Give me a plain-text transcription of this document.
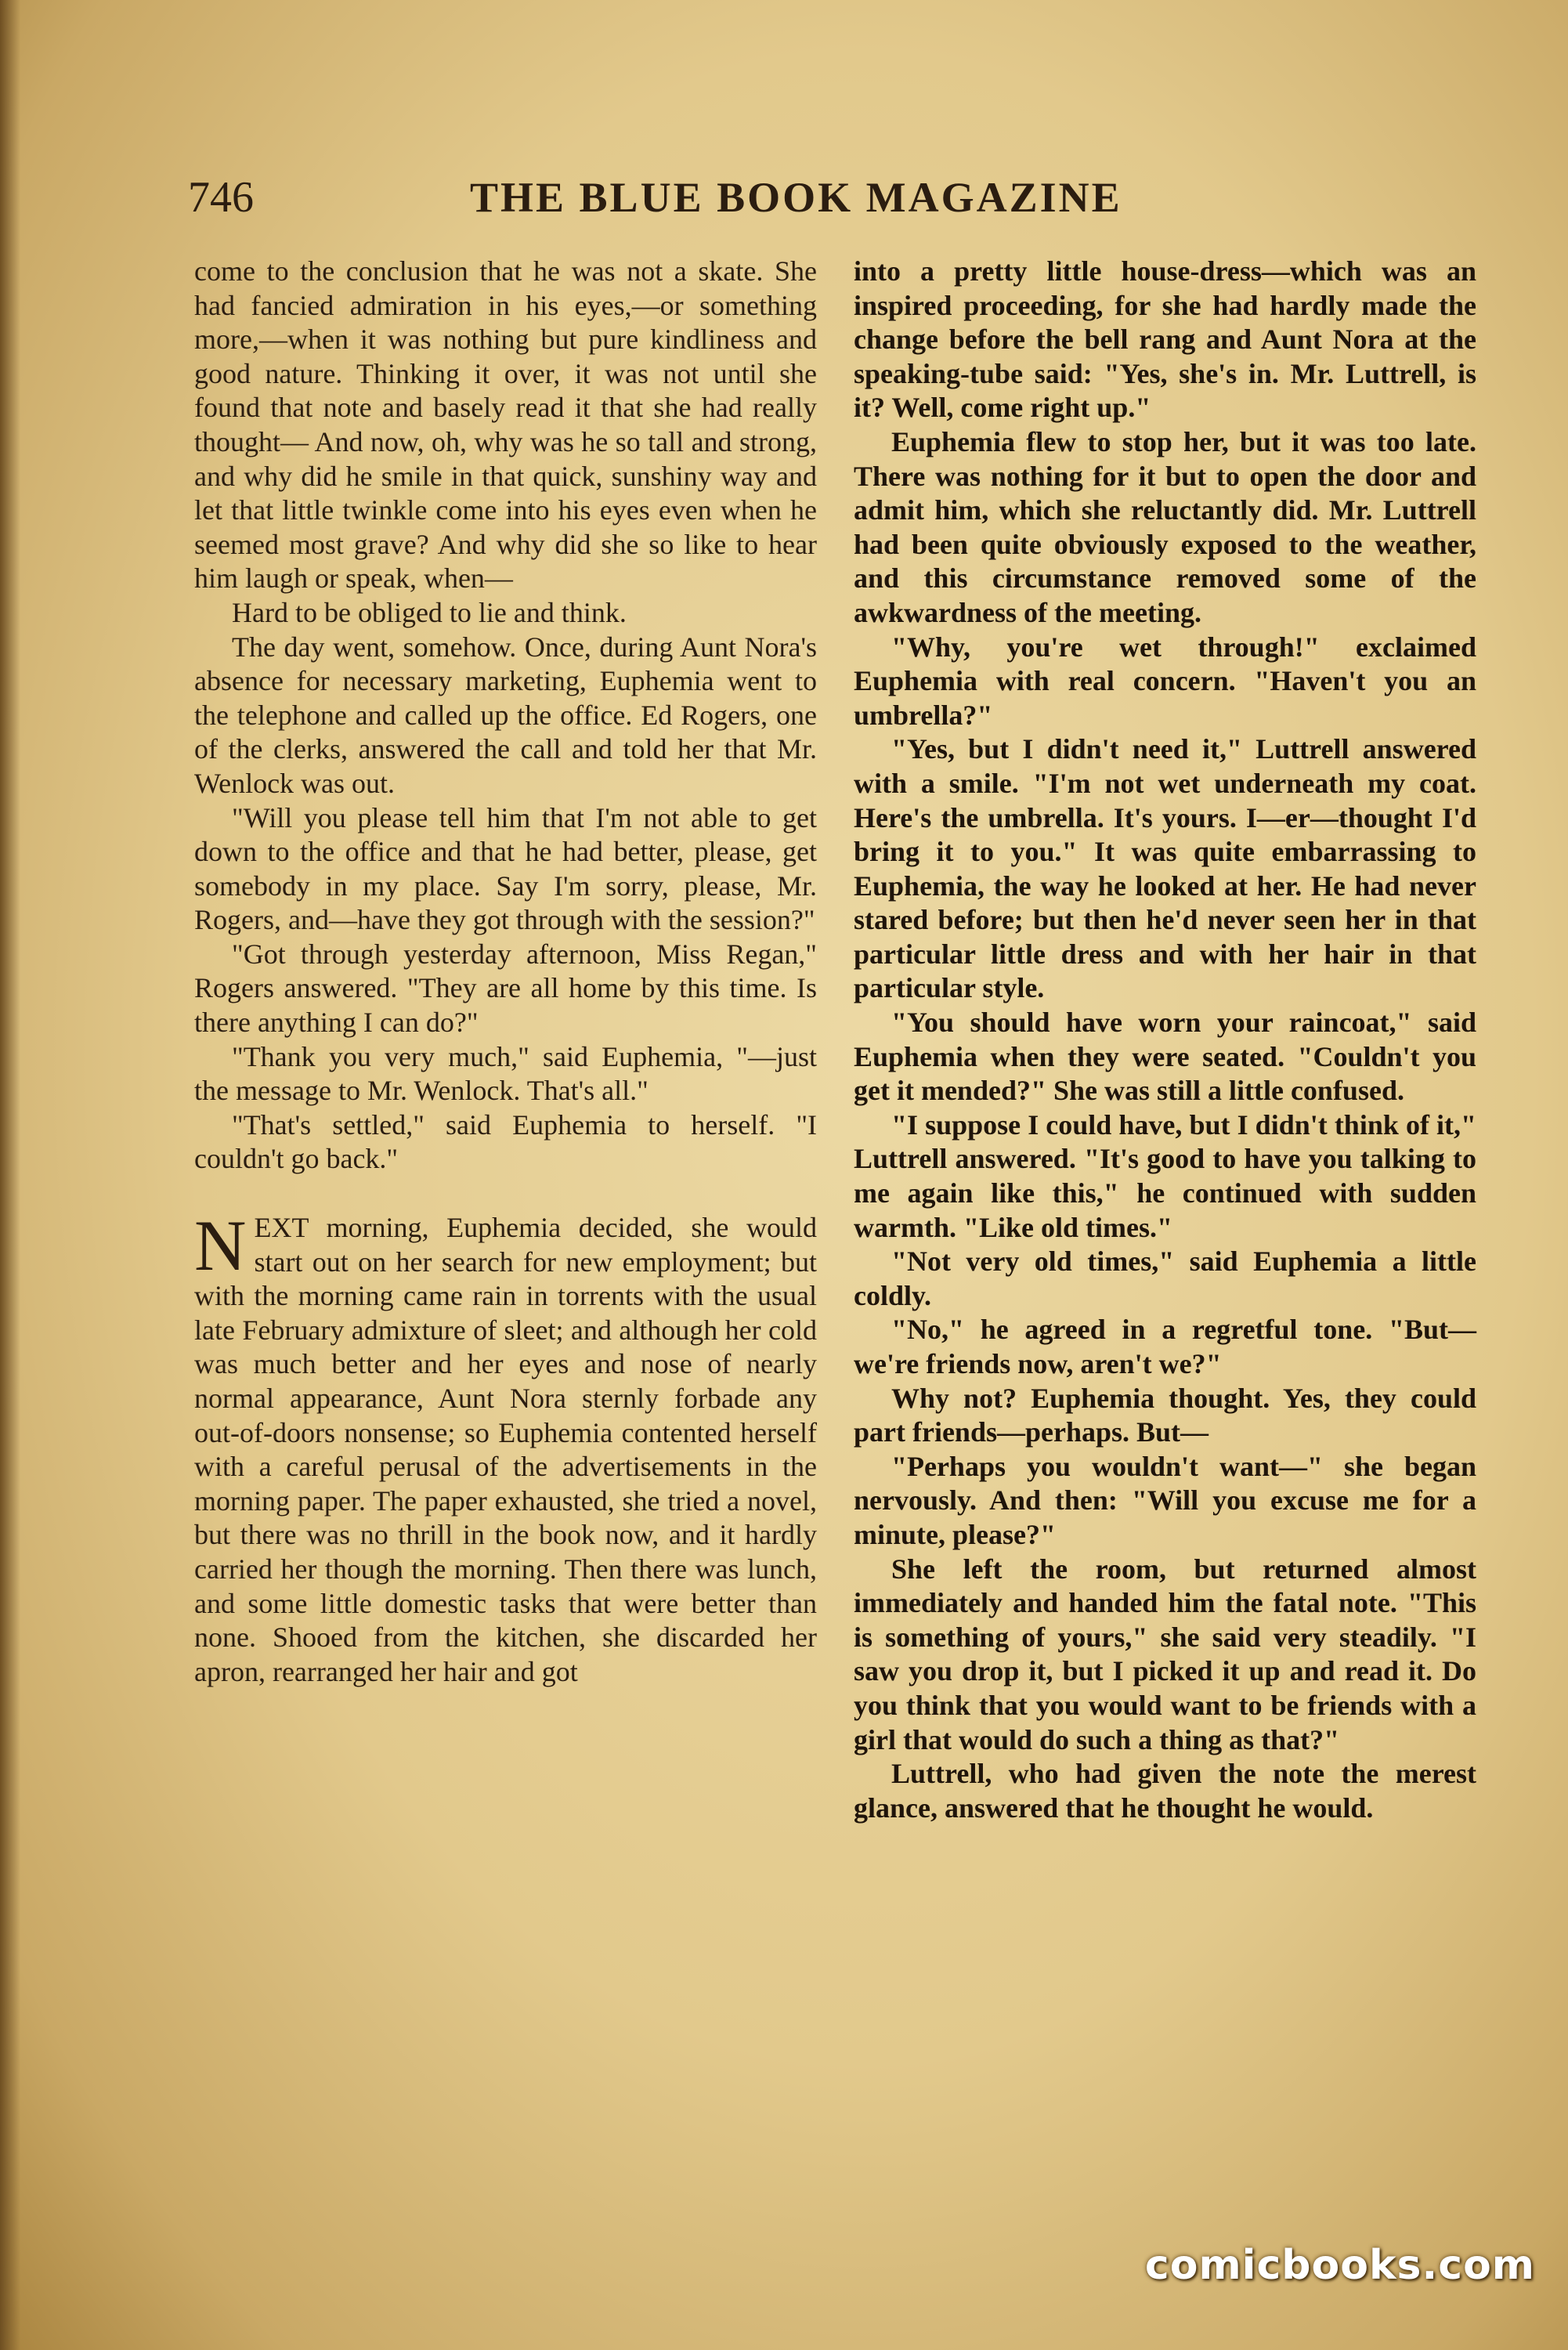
746	THE BLUE BOOK MAGAZINE

come to the conclusion that he was not a skate. She had fancied admiration in his eyes,—or something more,—when it was nothing but pure kindliness and good nature. Thinking it over, it was not until she found that note and basely read it that she had really thought— And now, oh, why was he so tall and strong, and why did he smile in that quick, sunshiny way and let that little twinkle come into his eyes even when he seemed most grave? And why did she so like to hear him laugh or speak, when—

Hard to be obliged to lie and think.

The day went, somehow. Once, during Aunt Nora's absence for necessary marketing, Euphemia went to the telephone and called up the office. Ed Rogers, one of the clerks, answered the call and told her that Mr. Wenlock was out.

"Will you please tell him that I'm not able to get down to the office and that he had better, please, get somebody in my place. Say I'm sorry, please, Mr. Rogers, and—have they got through with the session?"

"Got through yesterday afternoon, Miss Regan," Rogers answered. "They are all home by this time. Is there anything I can do?"

"Thank you very much," said Euphemia, "—just the message to Mr. Wenlock. That's all."

"That's settled," said Euphemia to herself. "I couldn't go back."

NEXT morning, Euphemia decided, she would start out on her search for new employment; but with the morning came rain in torrents with the usual late February admixture of sleet; and although her cold was much better and her eyes and nose of nearly normal appearance, Aunt Nora sternly forbade any out-of-doors nonsense; so Euphemia contented herself with a careful perusal of the advertisements in the morning paper. The paper exhausted, she tried a novel, but there was no thrill in the book now, and it hardly carried her though the morning. Then there was lunch, and some little domestic tasks that were better than none. Shooed from the kitchen, she discarded her apron, rearranged her hair and got

into a pretty little house-dress—which was an inspired proceeding, for she had hardly made the change before the bell rang and Aunt Nora at the speaking-tube said: "Yes, she's in. Mr. Luttrell, is it? Well, come right up."

Euphemia flew to stop her, but it was too late. There was nothing for it but to open the door and admit him, which she reluctantly did. Mr. Luttrell had been quite obviously exposed to the weather, and this circumstance removed some of the awkwardness of the meeting.

"Why, you're wet through!" exclaimed Euphemia with real concern. "Haven't you an umbrella?"

"Yes, but I didn't need it," Luttrell answered with a smile. "I'm not wet underneath my coat. Here's the umbrella. It's yours. I—er—thought I'd bring it to you." It was quite embarrassing to Euphemia, the way he looked at her. He had never stared before; but then he'd never seen her in that particular little dress and with her hair in that particular style.

"You should have worn your raincoat," said Euphemia when they were seated. "Couldn't you get it mended?" She was still a little confused.

"I suppose I could have, but I didn't think of it," Luttrell answered. "It's good to have you talking to me again like this," he continued with sudden warmth. "Like old times."

"Not very old times," said Euphemia a little coldly.

"No," he agreed in a regretful tone. "But—we're friends now, aren't we?"

Why not? Euphemia thought. Yes, they could part friends—perhaps. But—

"Perhaps you wouldn't want—" she began nervously. And then: "Will you excuse me for a minute, please?"

She left the room, but returned almost immediately and handed him the fatal note. "This is something of yours," she said very steadily. "I saw you drop it, but I picked it up and read it. Do you think that you would want to be friends with a girl that would do such a thing as that?"

Luttrell, who had given the note the merest glance, answered that he thought he would.

comicbooks.com
